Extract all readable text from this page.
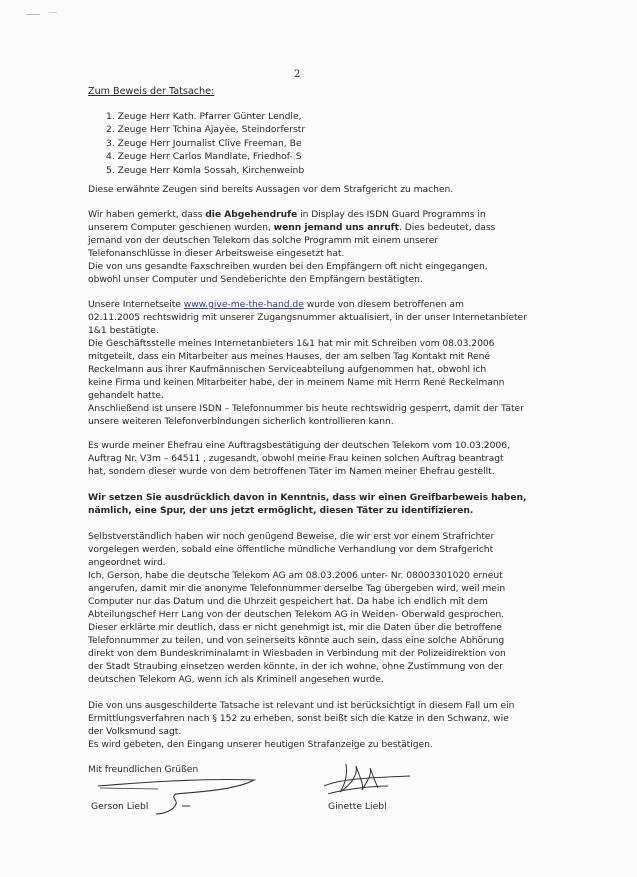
2
Zum Beweis der Tatsache:
1. Zeuge Herr Kath. Pfarrer Günter Lendle,
2. Zeuge Herr Tchina Ajayée, Steindorferstr
3. Zeuge Herr Journalist Clive Freeman, Be
4. Zeuge Herr Carlos Mandlate, Friedhof- S
5. Zeuge Herr Komla Sossah, Kirchenweinb
Diese erwähnte Zeugen sind bereits Aussagen vor dem Strafgericht zu machen.
Wir haben gemerkt, dass die Abgehendrufe in Display des ISDN Guard Programms in
unserem Computer geschienen wurden, wenn jemand uns anruft. Dies bedeutet, dass
jemand von der deutschen Telekom das solche Programm mit einem unserer
Telefonanschlüsse in dieser Arbeitsweise eingesetzt hat.
Die von uns gesandte Faxschreiben wurden bei den Empfängern oft nicht eingegangen,
obwohl unser Computer und Sendeberichte den Empfängern bestätigten.
Unsere Internetseite www.give-me-the-hand.de wurde von diesem betroffenen am
02.11.2005 rechtswidrig mit unserer Zugangsnummer aktualisiert, in der unser Internetanbieter
1&1 bestätigte.
Die Geschäftsstelle meines Internetanbieters 1&1 hat mir mit Schreiben vom 08.03.2006
mitgeteilt, dass ein Mitarbeiter aus meines Hauses, der am selben Tag Kontakt mit René
Reckelmann aus ihrer Kaufmännischen Serviceabteilung aufgenommen hat, obwohl ich
keine Firma und keinen Mitarbeiter habe, der in meinem Name mit Herrn René Reckelmann
gehandelt hatte.
Anschließend ist unsere ISDN – Telefonnummer bis heute rechtswidrig gesperrt, damit der Täter
unsere weiteren Telefonverbindungen sicherlich kontrollieren kann.
Es wurde meiner Ehefrau eine Auftragsbestätigung der deutschen Telekom vom 10.03.2006,
Auftrag Nr. V3m – 64511 , zugesandt, obwohl meine Frau keinen solchen Auftrag beantragt
hat, sondern dieser wurde von dem betroffenen Täter im Namen meiner Ehefrau gestellt.
Wir setzen Sie ausdrücklich davon in Kenntnis, dass wir einen Greifbarbeweis haben,
nämlich, eine Spur, der uns jetzt ermöglicht, diesen Täter zu identifizieren.
Selbstverständlich haben wir noch genügend Beweise, die wir erst vor einem Strafrichter
vorgelegen werden, sobald eine öffentliche mündliche Verhandlung vor dem Strafgericht
angeordnet wird.
Ich, Gerson, habe die deutsche Telekom AG am 08.03.2006 unter- Nr. 08003301020 erneut
angerufen, damit mir die anonyme Telefonnummer derselbe Tag übergeben wird, weil mein
Computer nur das Datum und die Uhrzeit gespeichert hat. Da habe ich endlich mit dem
Abteilungschef Herr Lang von der deutschen Telekom AG in Weiden- Oberwald gesprochen.
Dieser erklärte mir deutlich, dass er nicht genehmigt ist, mir die Daten über die betroffene
Telefonnummer zu teilen, und von seinerseits könnte auch sein, dass eine solche Abhörung
direkt von dem Bundeskriminalamt in Wiesbaden in Verbindung mit der Polizeidirektion von
der Stadt Straubing einsetzen werden könnte, in der ich wohne, ohne Zustimmung von der
deutschen Telekom AG, wenn ich als Kriminell angesehen wurde.
Die von uns ausgeschilderte Tatsache ist relevant und ist berücksichtigt in diesem Fall um ein
Ermittlungsverfahren nach § 152 zu erheben, sonst beißt sich die Katze in den Schwanz, wie
der Volksmund sagt.
Es wird gebeten, den Eingang unserer heutigen Strafanzeige zu bestätigen.
Mit freundlichen Grüßen
Gerson Liebl	Ginette Liebl
